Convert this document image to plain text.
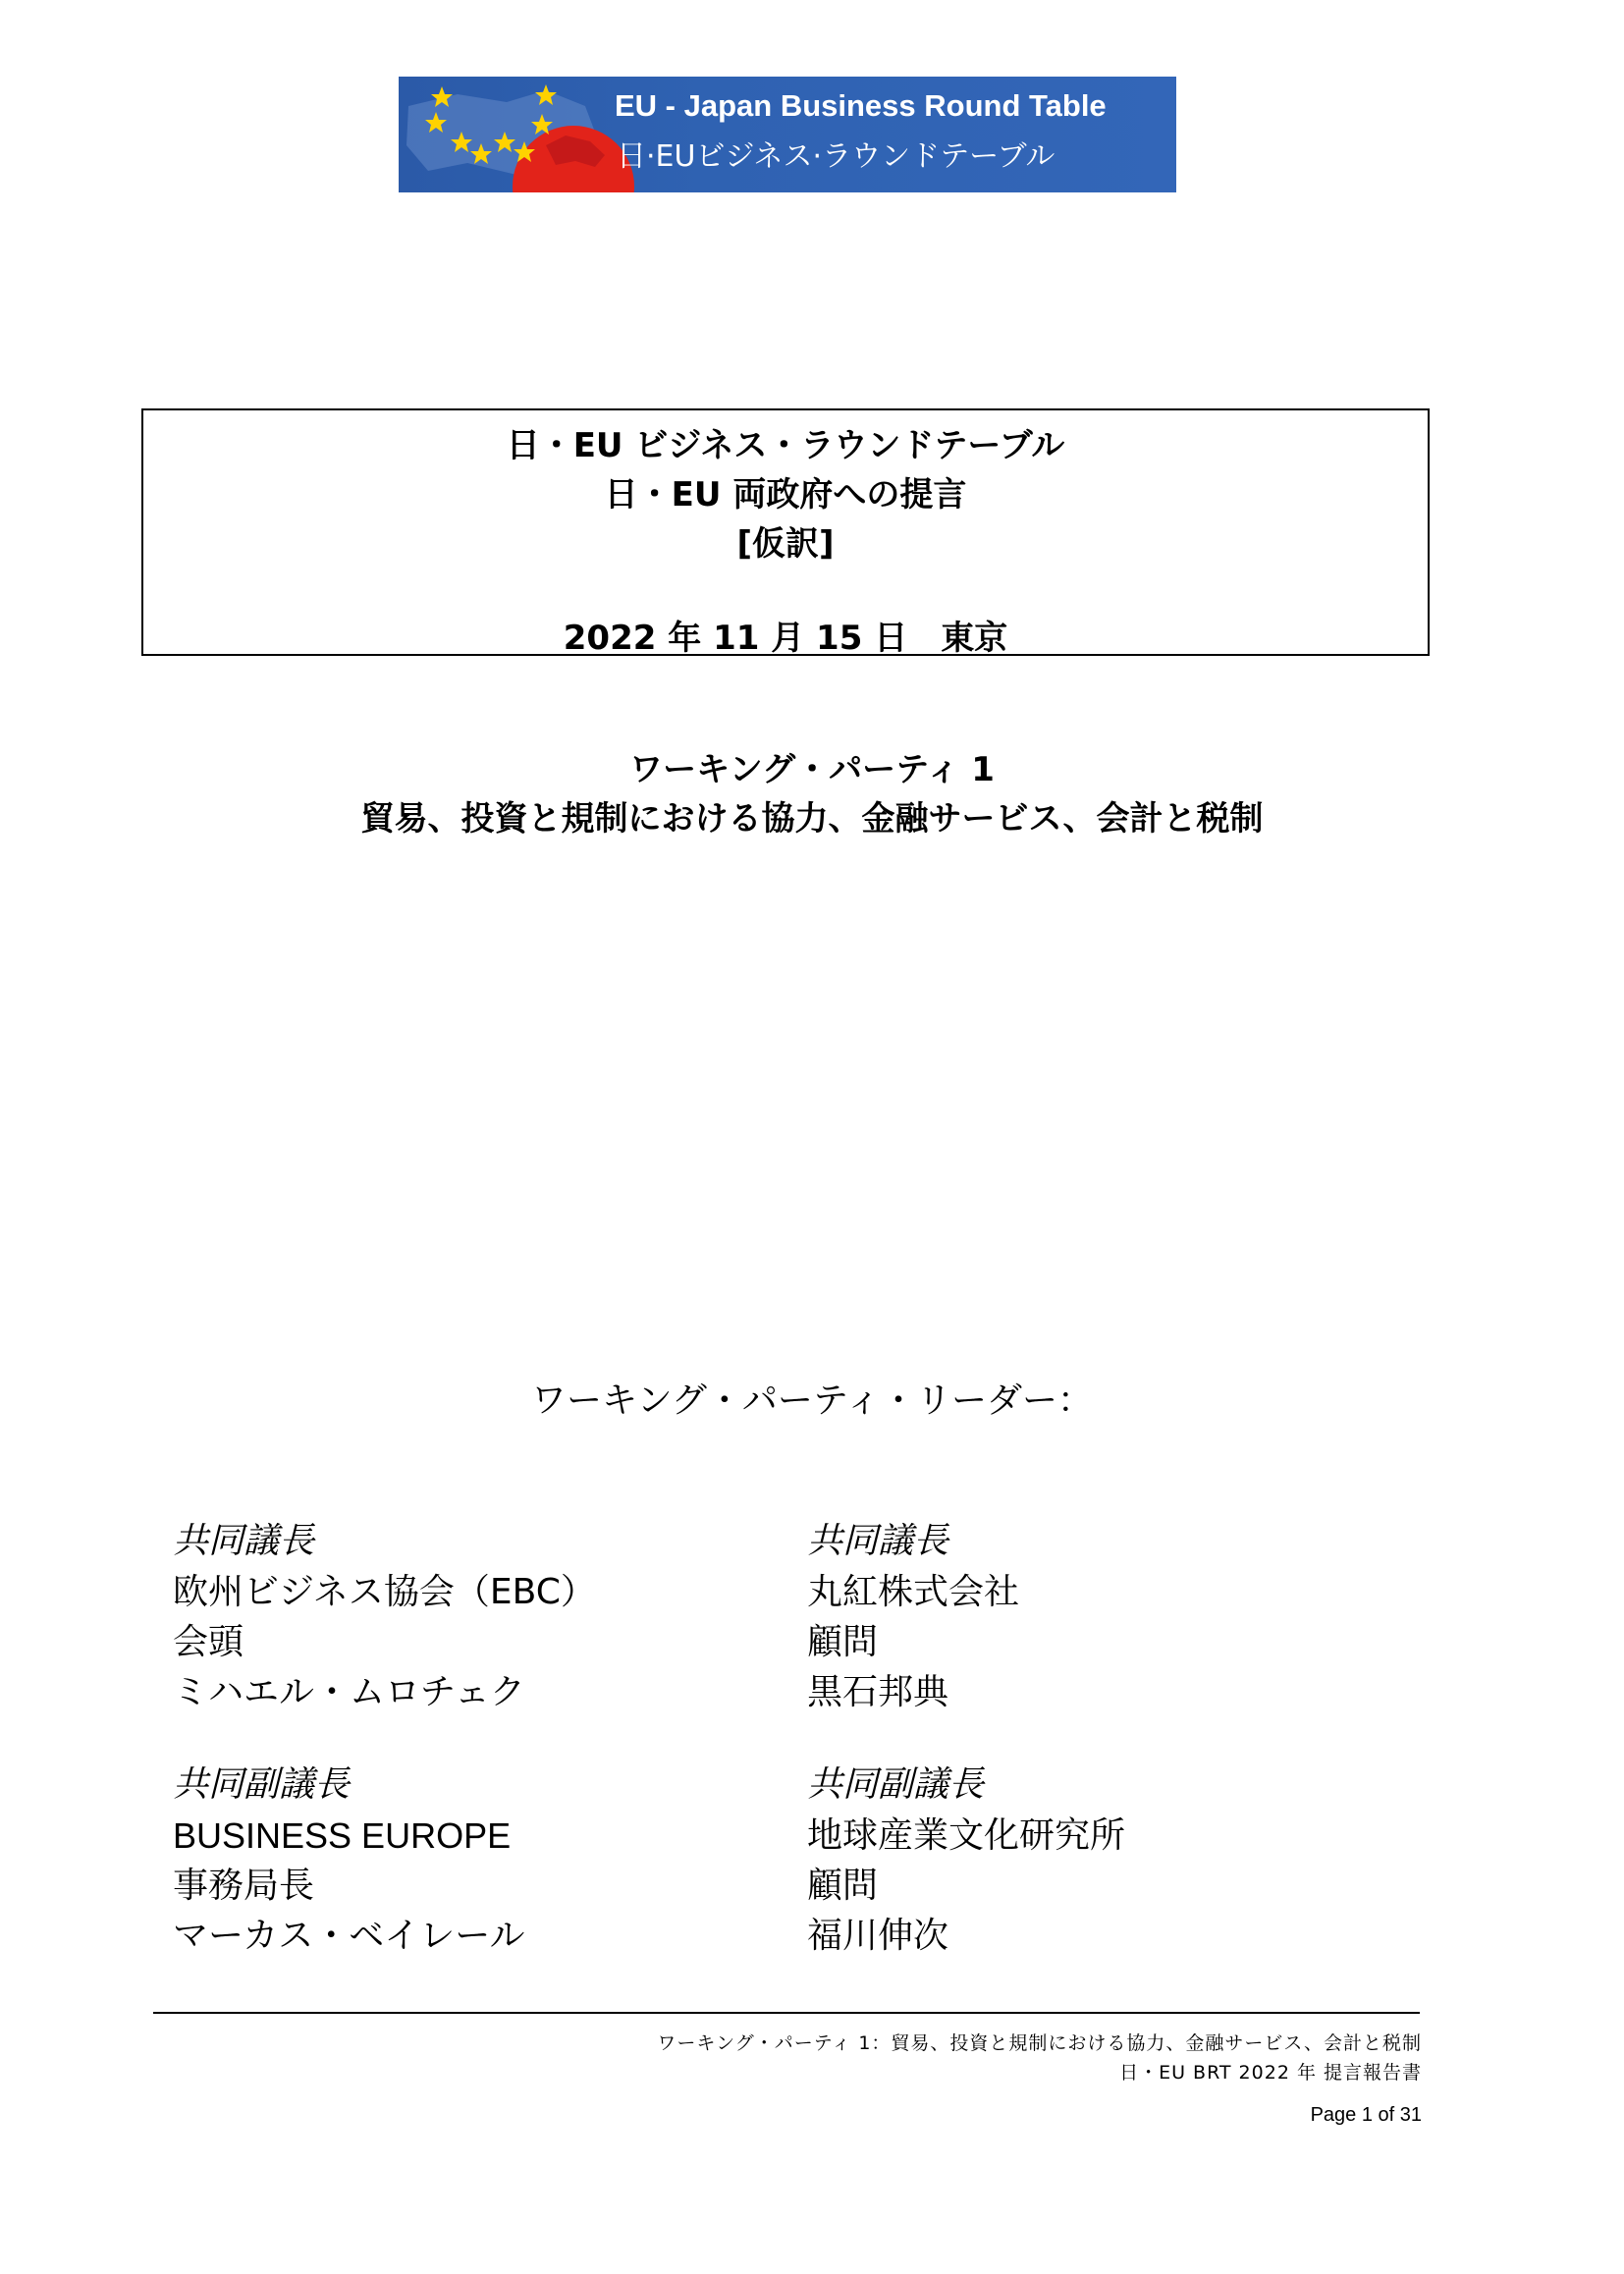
EU - Japan Business Round Table
日·EUビジネス·ラウンドテーブル
日・EU ビジネス・ラウンドテーブル
日・EU 両政府への提言
[仮訳]
2022 年 11 月 15 日　東京
ワーキング・パーティ 1
貿易、投資と規制における協力、金融サービス、会計と税制
ワーキング・パーティ・リーダー：
共同議長
欧州ビジネス協会（EBC）
会頭
ミハエル・ムロチェク
共同議長
丸紅株式会社
顧問
黒石邦典
共同副議長
BUSINESS EUROPE
事務局長
マーカス・ベイレール
共同副議長
地球産業文化研究所
顧問
福川伸次
ワーキング・パーティ 1：貿易、投資と規制における協力、金融サービス、会計と税制
日・EU BRT 2022 年 提言報告書
Page 1 of 31
